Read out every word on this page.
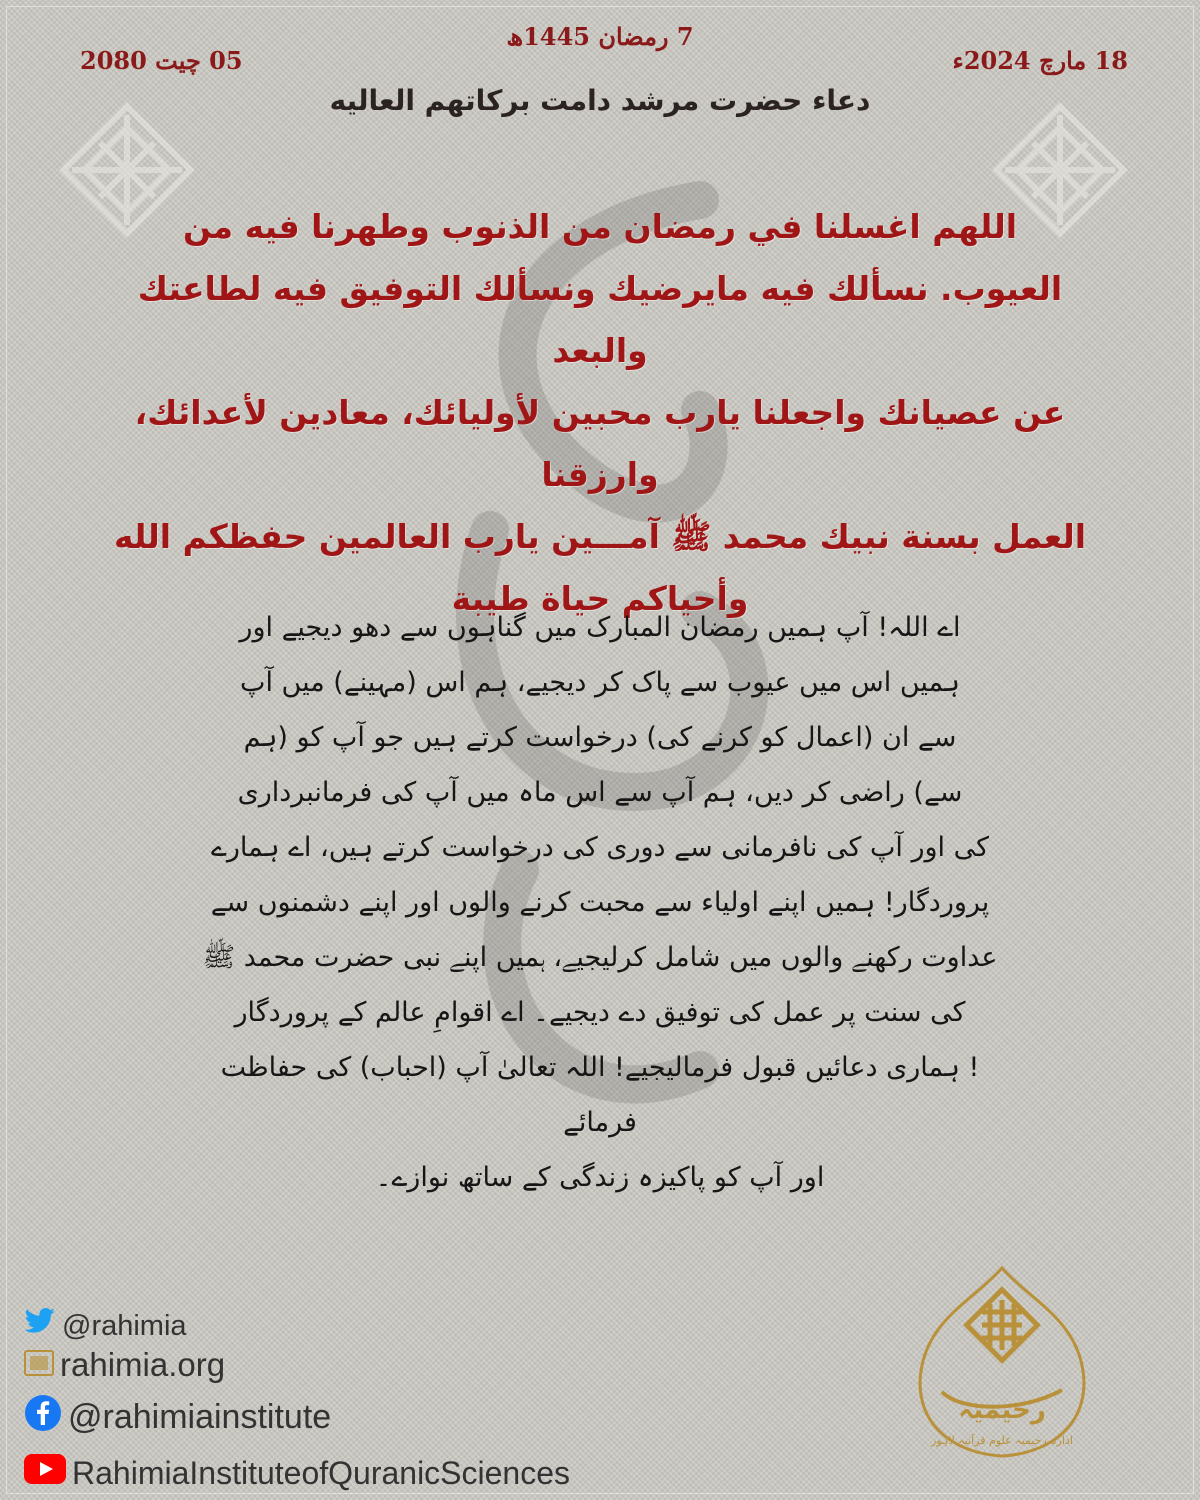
7 رمضان 1445ھ
18 مارچ 2024ء
05 چیت 2080
دعاء حضرت مرشد دامت برکاتهم العالیه
اللهم اغسلنا في رمضان من الذنوب وطهرنا فيه من
العيوب. نسألك فيه مايرضيك ونسألك التوفيق فيه لطاعتك والبعد
عن عصيانك واجعلنا يارب محبين لأوليائك، معادين لأعدائك، وارزقنا
العمل بسنة نبيك محمد ﷺ آمـــين يارب العالمين حفظكم الله
وأحياكم حياة طيبة
اے اللہ! آپ ہمیں رمضان المبارک میں گناہوں سے دھو دیجیے اور
ہمیں اس میں عیوب سے پاک کر دیجیے، ہم اس (مہینے) میں آپ
سے ان (اعمال کو کرنے کی) درخواست کرتے ہیں جو آپ کو (ہم
سے) راضی کر دیں، ہم آپ سے اس ماہ میں آپ کی فرمانبرداری
کی اور آپ کی نافرمانی سے دوری کی درخواست کرتے ہیں، اے ہمارے
پروردگار! ہمیں اپنے اولیاء سے محبت کرنے والوں اور اپنے دشمنوں سے
عداوت رکھنے والوں میں شامل کرلیجیے، ہمیں اپنے نبی حضرت محمد ﷺ
کی سنت پر عمل کی توفیق دے دیجیے۔ اے اقوامِ عالم کے پروردگار
! ہماری دعائیں قبول فرمالیجیے! اللہ تعالیٰ آپ (احباب) کی حفاظت فرمائے
اور آپ کو پاکیزہ زندگی کے ساتھ نوازے۔
@rahimia
rahimia.org
@rahimiainstitute
RahimiaInstituteofQuranicSciences
رحیمیہ
ادارہ رحیمیہ علوم قرآنیہ لاہور
